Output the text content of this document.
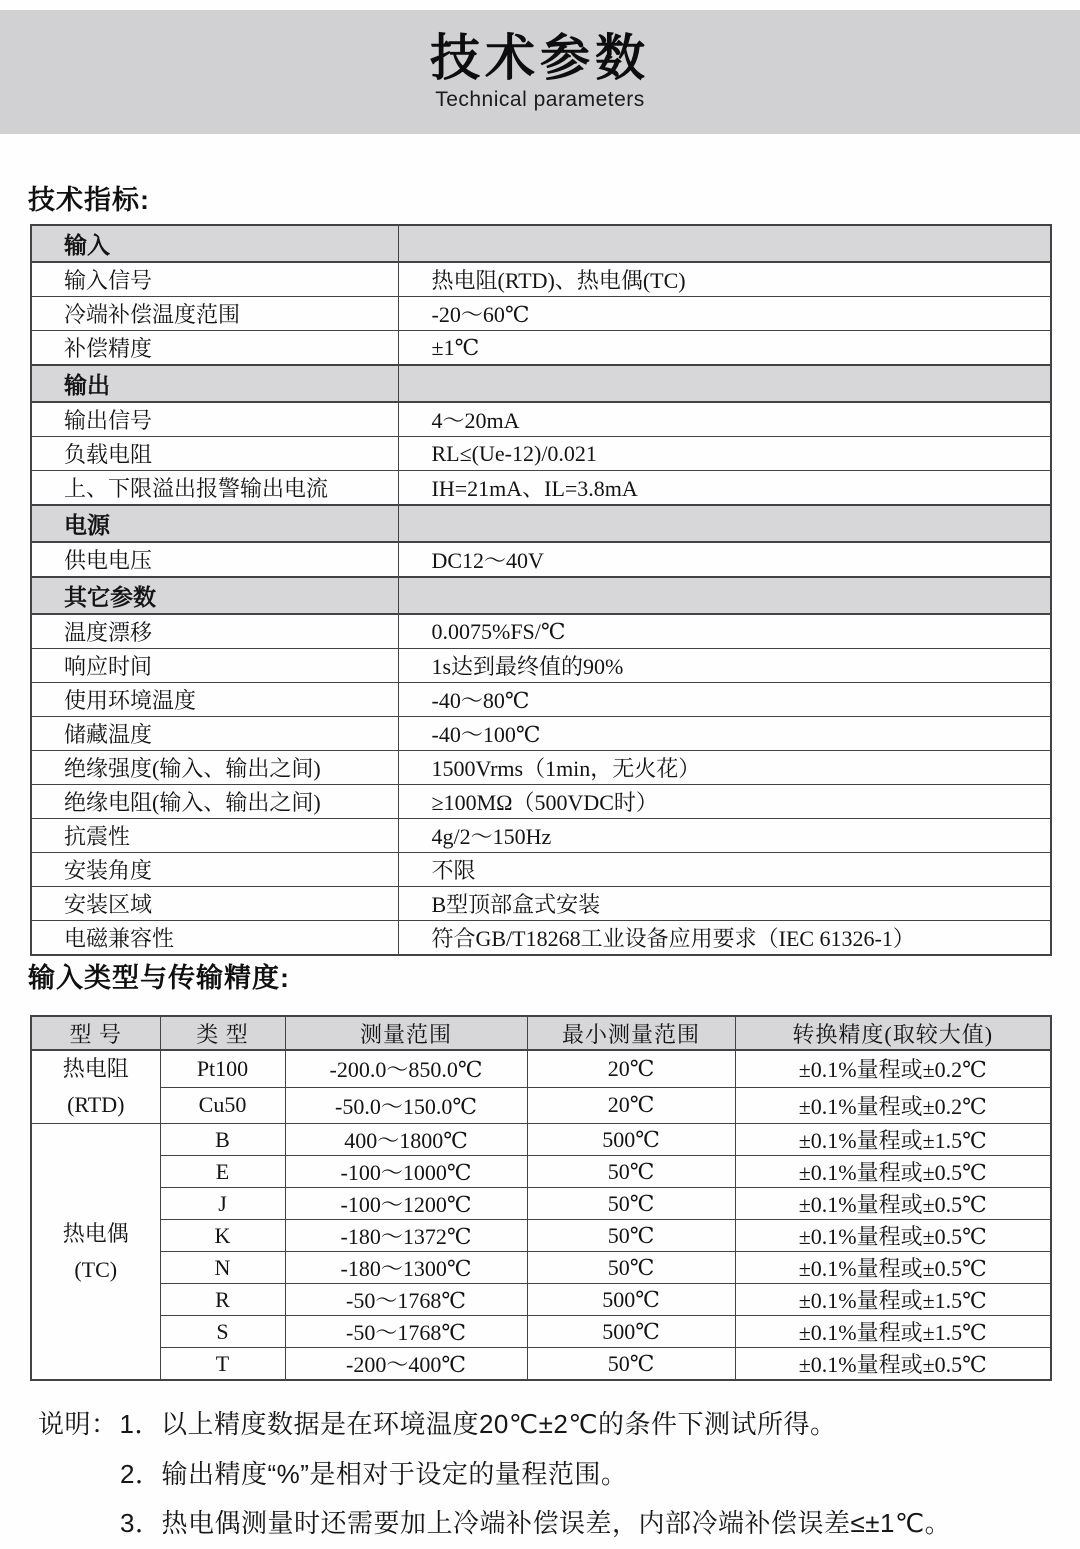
技术参数
Technical parameters
技术指标:
输入	
输入信号	热电阻(RTD)、热电偶(TC)
冷端补偿温度范围	-20～60℃
补偿精度	±1℃
输出	
输出信号	4～20mA
负载电阻	RL≤(Ue-12)/0.021
上、下限溢出报警输出电流	IH=21mA、IL=3.8mA
电源	
供电电压	DC12～40V
其它参数	
温度漂移	0.0075%FS/℃
响应时间	1s达到最终值的90%
使用环境温度	-40～80℃
储藏温度	-40～100℃
绝缘强度(输入、输出之间)	1500Vrms（1min，无火花）
绝缘电阻(输入、输出之间)	≥100MΩ（500VDC时）
抗震性	4g/2～150Hz
安装角度	不限
安装区域	B型顶部盒式安装
电磁兼容性	符合GB/T18268工业设备应用要求（IEC 61326-1）
输入类型与传输精度:
型 号	类 型	测量范围	最小测量范围	转换精度(取较大值)

热电阻
(RTD)	Pt100	-200.0～850.0℃	20℃	±0.1%量程或±0.2℃
	Cu50	-50.0～150.0℃	20℃	±0.1%量程或±0.2℃

热电偶
(TC)	B	400～1800℃	500℃	±0.1%量程或±1.5℃
	E	-100～1000℃	50℃	±0.1%量程或±0.5℃
	J	-100～1200℃	50℃	±0.1%量程或±0.5℃
	K	-180～1372℃	50℃	±0.1%量程或±0.5℃
	N	-180～1300℃	50℃	±0.1%量程或±0.5℃
	R	-50～1768℃	500℃	±0.1%量程或±1.5℃
	S	-50～1768℃	500℃	±0.1%量程或±1.5℃
	T	-200～400℃	50℃	±0.1%量程或±0.5℃
说明：1．以上精度数据是在环境温度20℃±2℃的条件下测试所得。
2．输出精度“%”是相对于设定的量程范围。
3．热电偶测量时还需要加上冷端补偿误差，内部冷端补偿误差≤±1℃。
